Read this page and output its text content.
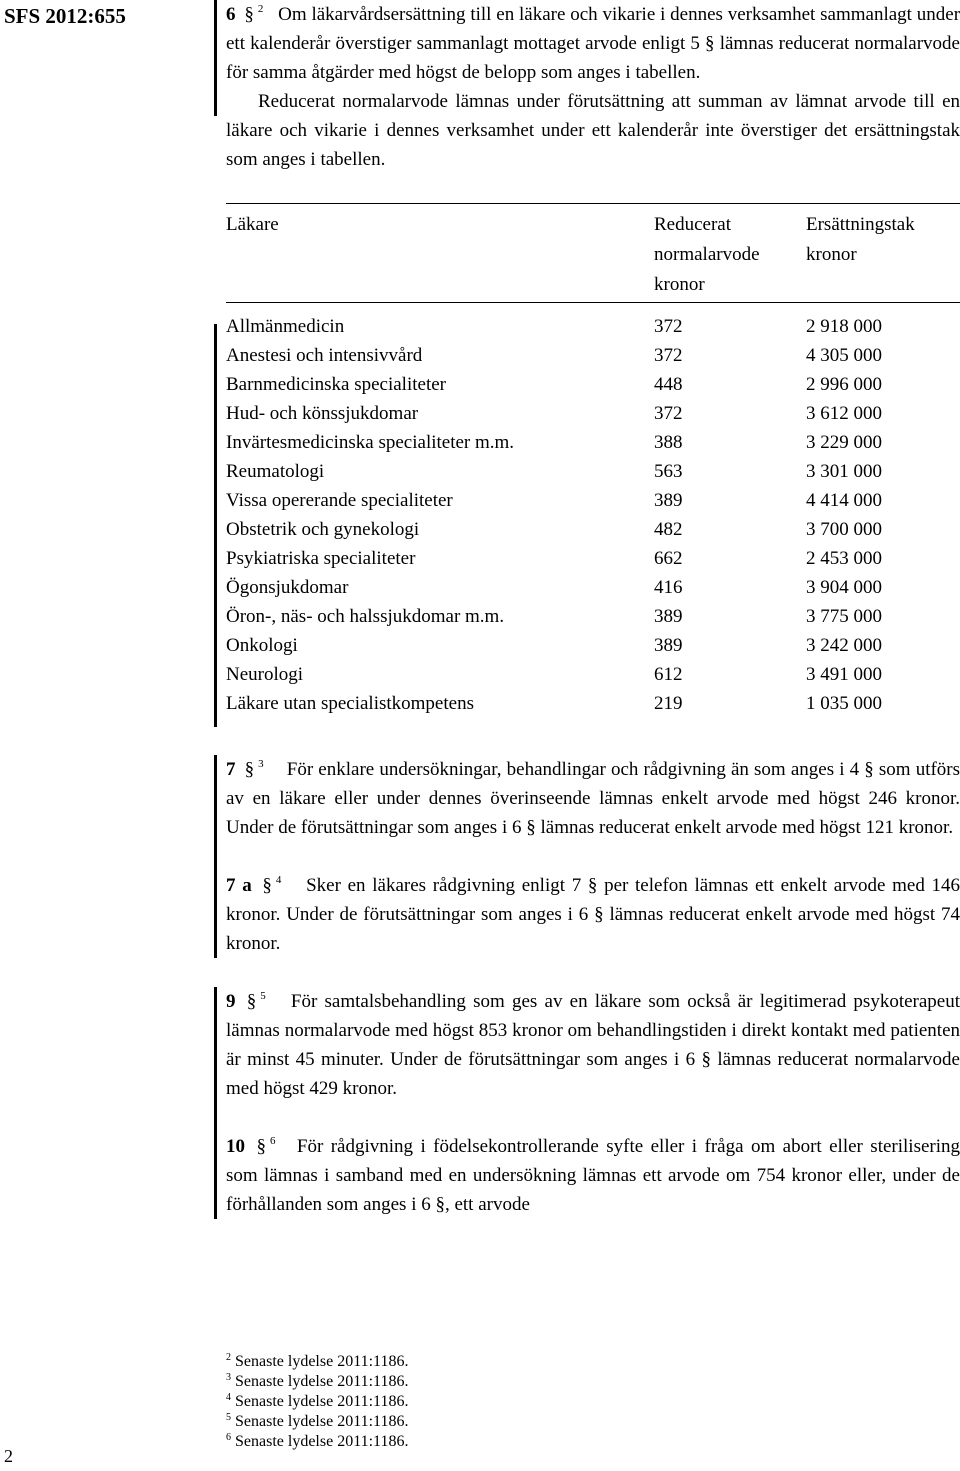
SFS 2012:655
2

6 § $^2$ Om läkarvårdsersättning till en läkare och vikarie i dennes verksamhet sammanlagt under ett kalenderår överstiger sammanlagt mottaget arvode enligt 5 § lämnas reducerat normalarvode för samma åtgärder med högst de belopp som anges i tabellen.

Reducerat normalarvode lämnas under förutsättning att summan av lämnat arvode till en läkare och vikarie i dennes verksamhet under ett kalenderår inte överstiger det ersättningstak som anges i tabellen.

Läkare	Reducerat normalarvode kronor	Ersättningstak kronor
Allmänmedicin	372	2 918 000
Anestesi och intensivvård	372	4 305 000
Barnmedicinska specialiteter	448	2 996 000
Hud- och könssjukdomar	372	3 612 000
Invärtesmedicinska specialiteter m.m.	388	3 229 000
Reumatologi	563	3 301 000
Vissa opererande specialiteter	389	4 414 000
Obstetrik och gynekologi	482	3 700 000
Psykiatriska specialiteter	662	2 453 000
Ögonsjukdomar	416	3 904 000
Öron-, näs- och halssjukdomar m.m.	389	3 775 000
Onkologi	389	3 242 000
Neurologi	612	3 491 000
Läkare utan specialistkompetens	219	1 035 000

7 § $^3$ För enklare undersökningar, behandlingar och rådgivning än som anges i 4 § som utförs av en läkare eller under dennes överinseende lämnas enkelt arvode med högst 246 kronor. Under de förutsättningar som anges i 6 § lämnas reducerat enkelt arvode med högst 121 kronor.

7 a § $^4$ Sker en läkares rådgivning enligt 7 § per telefon lämnas ett enkelt arvode med 146 kronor. Under de förutsättningar som anges i 6 § lämnas reducerat enkelt arvode med högst 74 kronor.

9 § $^5$ För samtalsbehandling som ges av en läkare som också är legitimerad psykoterapeut lämnas normalarvode med högst 853 kronor om behandlingstiden i direkt kontakt med patienten är minst 45 minuter. Under de förutsättningar som anges i 6 § lämnas reducerat normalarvode med högst 429 kronor.

10 § $^6$ För rådgivning i födelsekontrollerande syfte eller i fråga om abort eller sterilisering som lämnas i samband med en undersökning lämnas ett arvode om 754 kronor eller, under de förhållanden som anges i 6 §, ett arvode

$^2$ Senaste lydelse 2011:1186.
$^3$ Senaste lydelse 2011:1186.
$^4$ Senaste lydelse 2011:1186.
$^5$ Senaste lydelse 2011:1186.
$^6$ Senaste lydelse 2011:1186.
